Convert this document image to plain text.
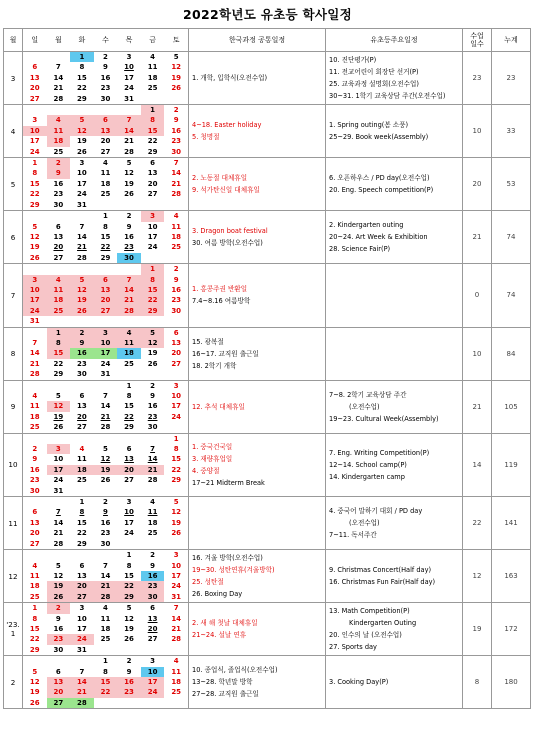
2022학년도 유초등 학사일정
월	일	월	화	수	목	금	토
		한국과정 공통일정	유초등주요일정	수업
일수	누계
3	
		1	2	3	4	5
6	7	8	9	10	11	12
13	14	15	16	17	18	19
20	21	22	23	24	25	26
27	28	29	30	31		

1. 개학, 입학식(오전수업)

10. 진단평가(P)
11. 전교어린이 회장단 선거(P)
25. 교육과정 설명회(오전수업)
30~31. 1학기 교육상담 주간(오전수업)
	23	23
4	
					1	2
3	4	5	6	7	8	9
10	11	12	13	14	15	16
17	18	19	20	21	22	23
24	25	26	27	28	29	30

4~18. Easter holiday
5. 청명절

1. Spring outing(봄 소풍)
25~29. Book week(Assembly)
	10	33
5	
1	2	3	4	5	6	7
8	9	10	11	12	13	14
15	16	17	18	19	20	21
22	23	24	25	26	27	28
29	30	31				

2. 노동절 대체휴일
9. 석가탄신일 대체휴일

6. 오픈하우스 / PD day(오전수업)
20. Eng. Speech competition(P)
	20	53
6	
			1	2	3	4
5	6	7	8	9	10	11
12	13	14	15	16	17	18
19	20	21	22	23	24	25
26	27	28	29	30		

3. Dragon boat festival
30. 여름 방학(오전수업)

2. Kindergarten outing
20~24. Art Week & Exhibition
28. Science Fair(P)
	21	74
7	
					1	2
3	4	5	6	7	8	9
10	11	12	13	14	15	16
17	18	19	20	21	22	23
24	25	26	27	28	29	30
31						

1. 홍콩주권 반환일
7.4~8.16 여름방학
		0	74
8	
	1	2	3	4	5	6
7	8	9	10	11	12	13
14	15	16	17	18	19	20
21	22	23	24	25	26	27
28	29	30	31			

15. 광복절
16~17. 교직원 출근일
18. 2학기 개학
		10	84
9	
				1	2	3
4	5	6	7	8	9	10
11	12	13	14	15	16	17
18	19	20	21	22	23	24
25	26	27	28	29	30	

12. 추석 대체휴일

7~8. 2학기 교육상담 주간
(오전수업)
19~23. Cultural Week(Assembly)
	21	105
10	
						1
2	3	4	5	6	7	8
9	10	11	12	13	14	15
16	17	18	19	20	21	22
23	24	25	26	27	28	29
30	31					

1. 중국건국일
3. 재량휴업일
4. 중양절
17~21 Midterm Break

7. Eng. Writing Competition(P)
12~14. School camp(P)
14. Kindergarten camp
	14	119
11	
		1	2	3	4	5
6	7	8	9	10	11	12
13	14	15	16	17	18	19
20	21	22	23	24	25	26
27	28	29	30			

4. 중국어 말하기 대회 / PD day
(오전수업)
7~11. 독서주간
	22	141
12	
				1	2	3
4	5	6	7	8	9	10
11	12	13	14	15	16	17
18	19	20	21	22	23	24
25	26	27	28	29	30	31

16. 겨울 방학(오전수업)
19~30. 성탄연휴(겨울방학)
25. 성탄절
26. Boxing Day

9. Christmas Concert(Half day)
16. Christmas Fun Fair(Half day)
	12	163
'23.
1	
1	2	3	4	5	6	7
8	9	10	11	12	13	14
15	16	17	18	19	20	21
22	23	24	25	26	27	28
29	30	31				

2. 새 해 첫날 대체휴일
21~24. 설날 연휴

13. Math Competition(P)
Kindergarten Outing
20. 인수의 날 (오전수업)
27. Sports day
	19	172
2	
			1	2	3	4
5	6	7	8	9	10	11
12	13	14	15	16	17	18
19	20	21	22	23	24	25
26	27	28				

10. 종업식, 졸업식(오전수업)
13~28. 학년말 방학
27~28. 교직원 출근일

3. Cooking Day(P)	8	180
